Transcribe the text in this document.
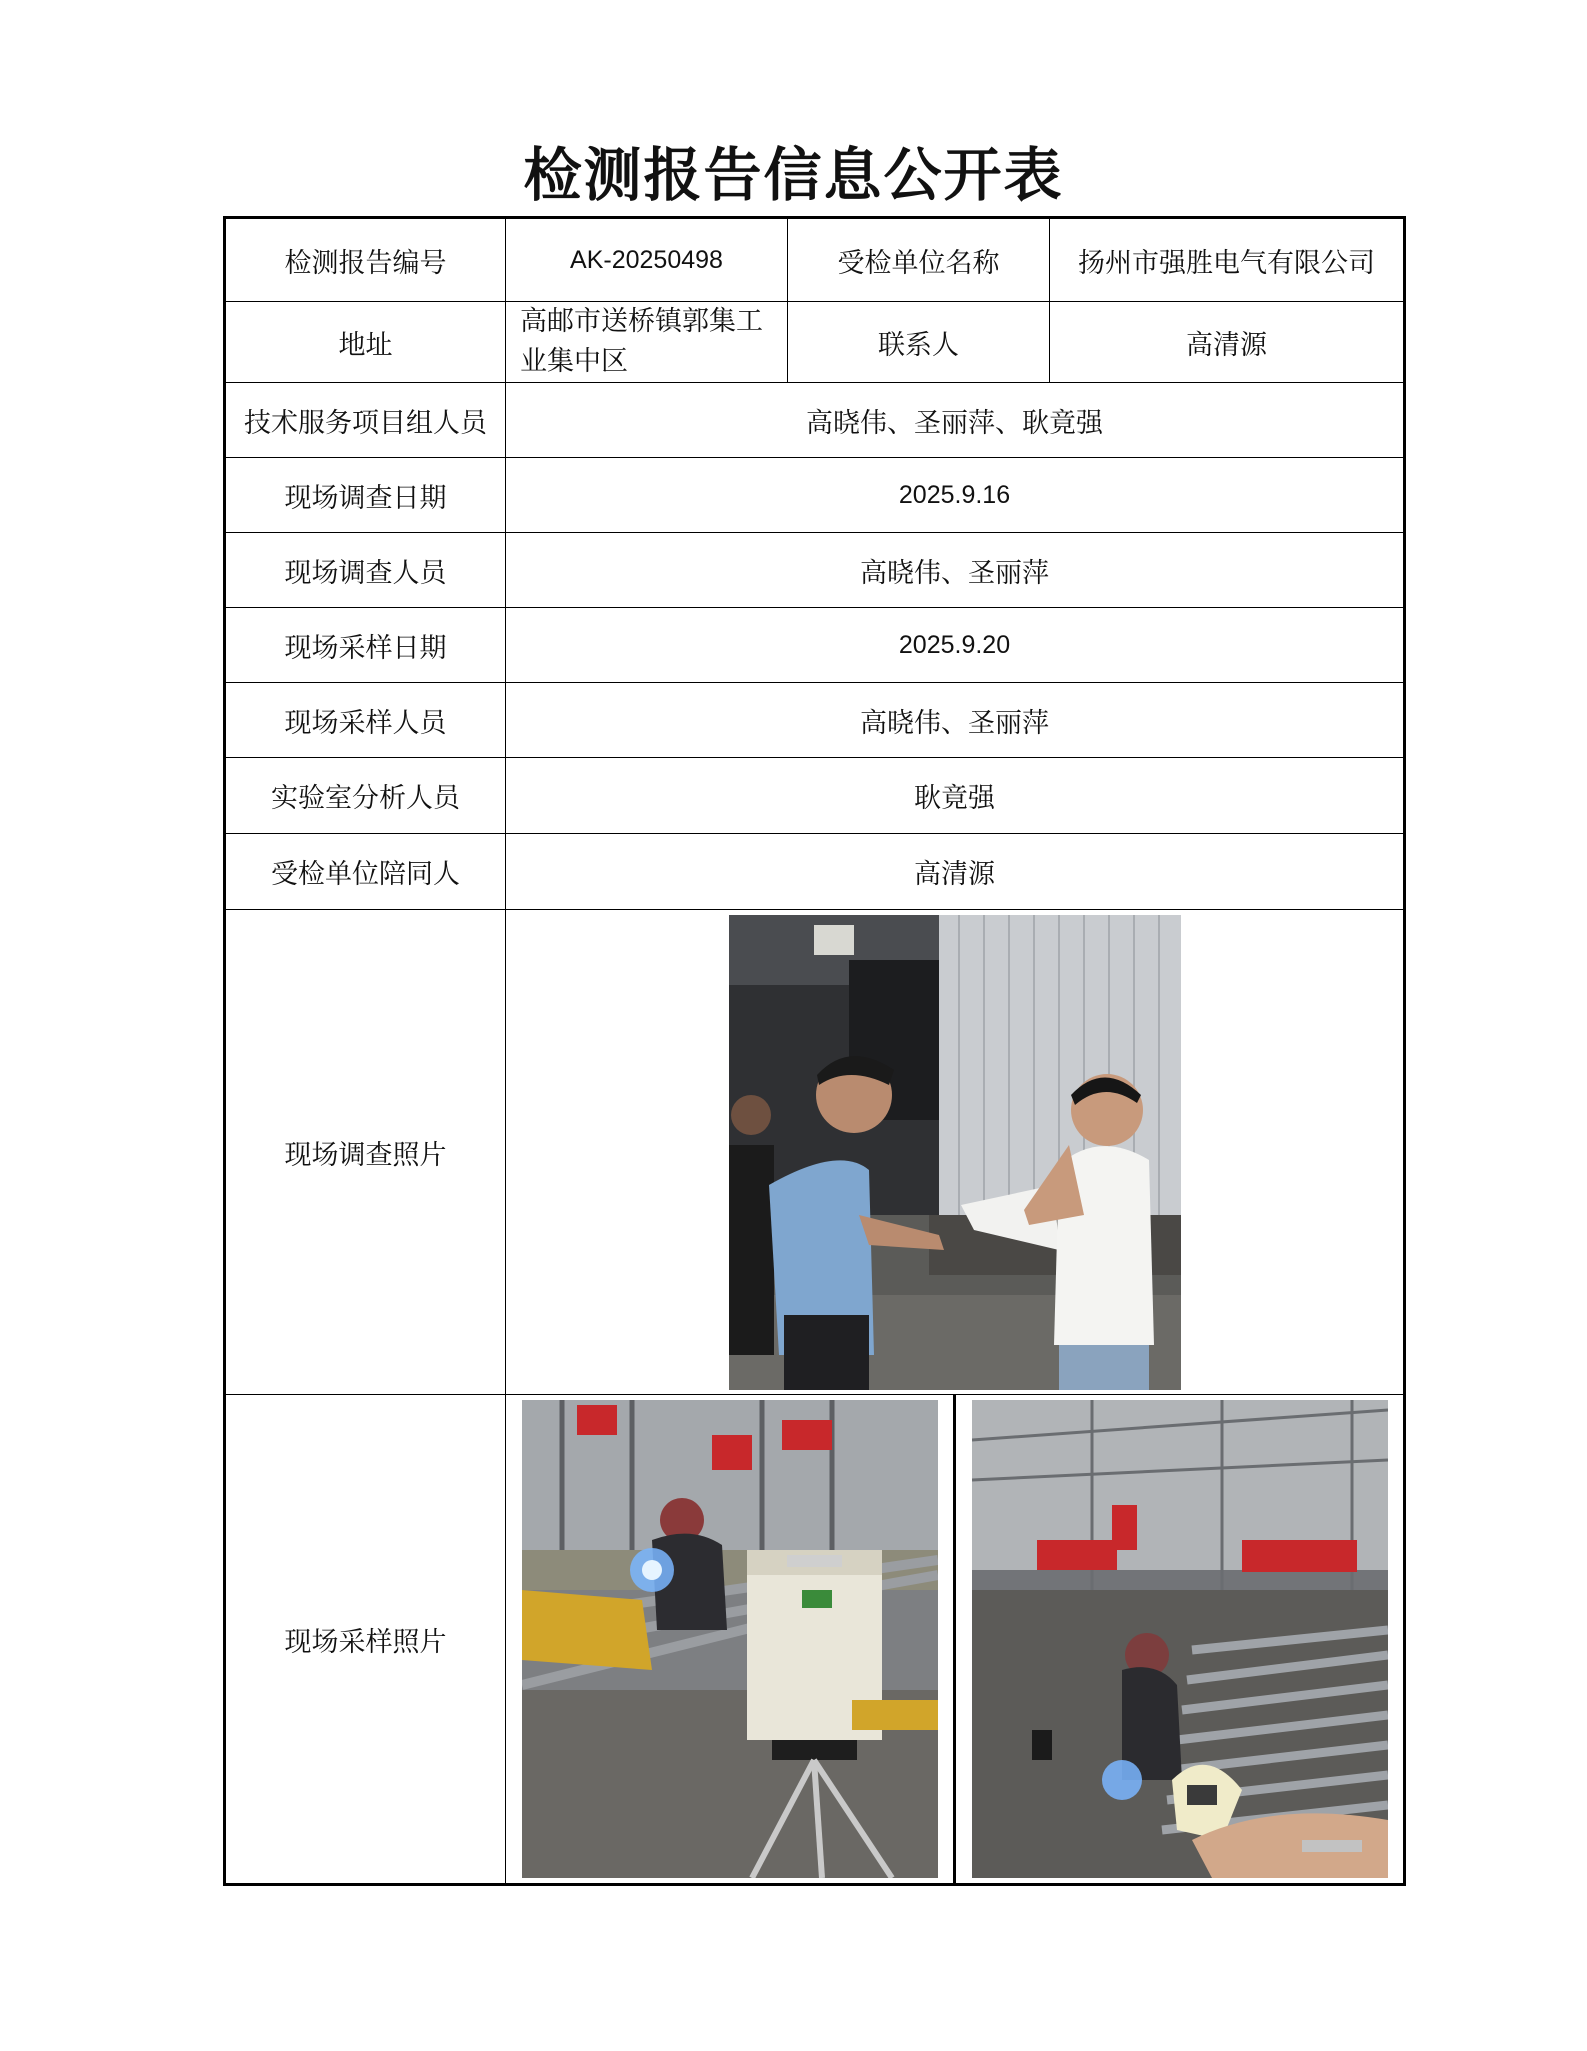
检测报告信息公开表
检测报告编号	AK-20250498	受检单位名称	扬州市强胜电气有限公司
地址	高邮市送桥镇郭集工业集中区	联系人	高清源
技术服务项目组人员	高晓伟、圣丽萍、耿竟强		
现场调查日期	2025.9.16		
现场调查人员	高晓伟、圣丽萍		
现场采样日期	2025.9.20		
现场采样人员	高晓伟、圣丽萍		
实验室分析人员	耿竟强		
受检单位陪同人	高清源		
现场调查照片	

现场采样照片	
